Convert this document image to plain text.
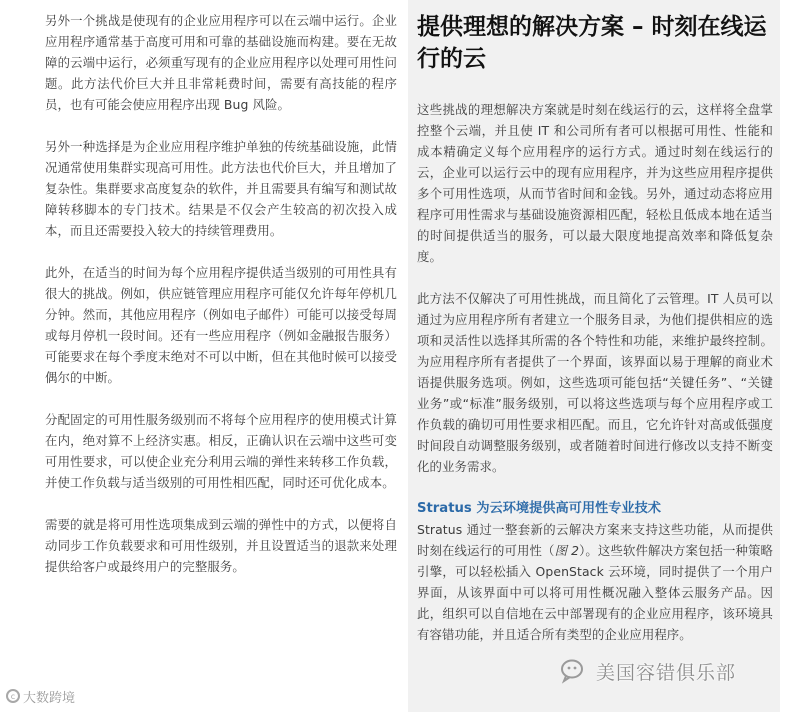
另外一个挑战是使现有的企业应用程序可以在云端中运行。企业应用程序通常基于高度可用和可靠的基础设施而构建。要在无故障的云端中运行，必须重写现有的企业应用程序以处理可用性问题。此方法代价巨大并且非常耗费时间，需要有高技能的程序员，也有可能会使应用程序出现 Bug 风险。

另外一种选择是为企业应用程序维护单独的传统基础设施，此情况通常使用集群实现高可用性。此方法也代价巨大，并且增加了复杂性。集群要求高度复杂的软件，并且需要具有编写和测试故障转移脚本的专门技术。结果是不仅会产生较高的初次投入成本，而且还需要投入较大的持续管理费用。

此外，在适当的时间为每个应用程序提供适当级别的可用性具有很大的挑战。例如，供应链管理应用程序可能仅允许每年停机几分钟。然而，其他应用程序（例如电子邮件）可能可以接受每周或每月停机一段时间。还有一些应用程序（例如金融报告服务）可能要求在每个季度末绝对不可以中断，但在其他时候可以接受偶尔的中断。

分配固定的可用性服务级别而不将每个应用程序的使用模式计算在内，绝对算不上经济实惠。相反，正确认识在云端中这些可变可用性要求，可以使企业充分利用云端的弹性来转移工作负载，并使工作负载与适当级别的可用性相匹配，同时还可优化成本。

需要的就是将可用性选项集成到云端的弹性中的方式，以便将自动同步工作负载要求和可用性级别，并且设置适当的退款来处理提供给客户或最终用户的完整服务。

提供理想的解决方案 – 时刻在线运行的云

这些挑战的理想解决方案就是时刻在线运行的云，这样将全盘掌控整个云端，并且使 IT 和公司所有者可以根据可用性、性能和成本精确定义每个应用程序的运行方式。通过时刻在线运行的云，企业可以运行云中的现有应用程序，并为这些应用程序提供多个可用性选项，从而节省时间和金钱。另外，通过动态将应用程序可用性需求与基础设施资源相匹配，轻松且低成本地在适当的时间提供适当的服务，可以最大限度地提高效率和降低复杂度。

此方法不仅解决了可用性挑战，而且简化了云管理。IT 人员可以通过为应用程序所有者建立一个服务目录，为他们提供相应的选项和灵活性以选择其所需的各个特性和功能，来维护最终控制。为应用程序所有者提供了一个界面，该界面以易于理解的商业术语提供服务选项。例如，这些选项可能包括“关键任务”、“关键业务”或“标准”服务级别，可以将这些选项与每个应用程序或工作负载的确切可用性要求相匹配。而且，它允许针对高或低强度时间段自动调整服务级别，或者随着时间进行修改以支持不断变化的业务需求。

Stratus 为云环境提供高可用性专业技术

Stratus 通过一整套新的云解决方案来支持这些功能，从而提供时刻在线运行的可用性（图 2）。这些软件解决方案包括一种策略引擎，可以轻松插入 OpenStack 云环境，同时提供了一个用户界面，从该界面中可以将可用性概况融入整体云服务产品。因此，组织可以自信地在云中部署现有的企业应用程序，该环境具有容错功能，并且适合所有类型的企业应用程序。

c 大数跨境
美国容错俱乐部
